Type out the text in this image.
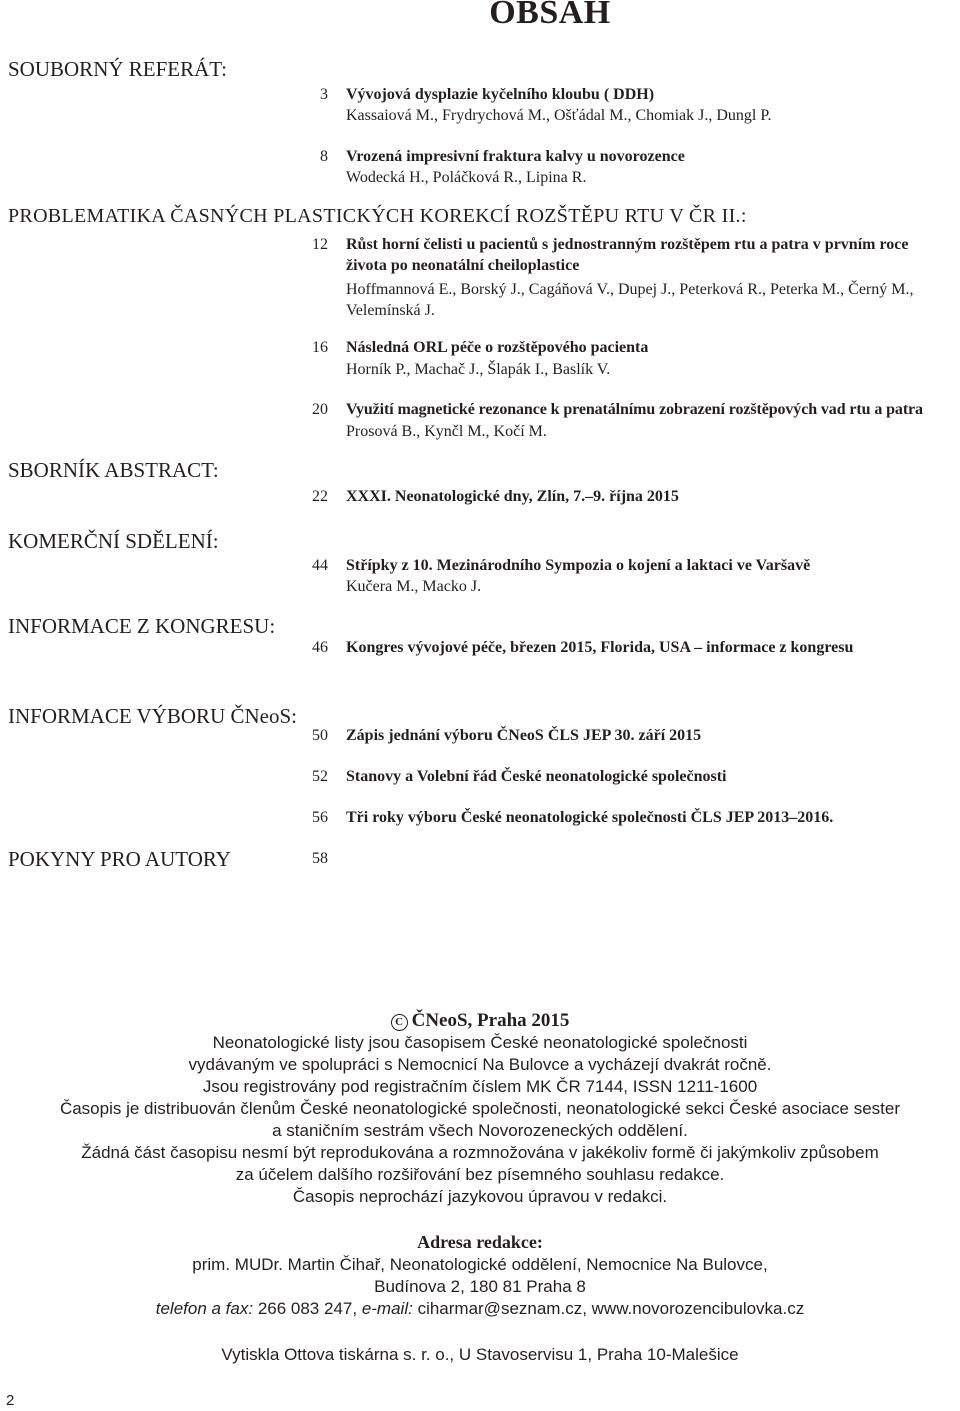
OBSAH
SOUBORNÝ REFERÁT:
PROBLEMATIKA ČASNÝCH PLASTICKÝCH KOREKCÍ ROZŠTĚPU RTU V ČR II.:
SBORNÍK ABSTRACT:
KOMERČNÍ SDĚLENÍ:
INFORMACE Z KONGRESU:
INFORMACE VÝBORU ČNeoS:
POKYNY PRO AUTORY
3 Vývojová dysplazie kyčelního kloubu ( DDH)
Kassaiová M., Frydrychová M., Ošťádal M., Chomiak J., Dungl P.
8 Vrozená impresivní fraktura kalvy u novorozence
Wodecká H., Poláčková R., Lipina R.
12 Růst horní čelisti u pacientů s jednostranným rozštěpem rtu a patra v prvním roce
života po neonatální cheiloplastice
Hoffmannová E., Borský J., Cagáňová V., Dupej J., Peterková R., Peterka M., Černý M.,
Velemínská J.
16 Následná ORL péče o rozštěpového pacienta
Horník P., Machač J., Šlapák I., Baslík V.
20 Využití magnetické rezonance k prenatálnímu zobrazení rozštěpových vad rtu a patra
Prosová B., Kynčl M., Kočí M.
22 XXXI. Neonatologické dny, Zlín, 7.–9. října 2015
44 Střípky z 10. Mezinárodního Sympozia o kojení a laktaci ve Varšavě
Kučera M., Macko J.
46 Kongres vývojové péče, březen 2015, Florida, USA – informace z kongresu
50 Zápis jednání výboru ČNeoS ČLS JEP 30. září 2015
52 Stanovy a Volební řád České neonatologické společnosti
56 Tři roky výboru České neonatologické společnosti ČLS JEP 2013–2016.
58
C ČNeoS, Praha 2015
Neonatologické listy jsou časopisem České neonatologické společnosti
vydávaným ve spolupráci s Nemocnicí Na Bulovce a vycházejí dvakrát ročně.
Jsou registrovány pod registračním číslem MK ČR 7144, ISSN 1211-1600
Časopis je distribuován členům České neonatologické společnosti, neonatologické sekci České asociace sester
a staničním sestrám všech Novorozeneckých oddělení.
Žádná část časopisu nesmí být reprodukována a rozmnožována v jakékoliv formě či jakýmkoliv způsobem
za účelem dalšího rozšiřování bez písemného souhlasu redakce.
Časopis neprochází jazykovou úpravou v redakci.
Adresa redakce:
prim. MUDr. Martin Čihař, Neonatologické oddělení, Nemocnice Na Bulovce,
Budínova 2, 180 81 Praha 8
telefon a fax: 266 083 247, e-mail: ciharmar@seznam.cz, www.novorozencibulovka.cz
Vytiskla Ottova tiskárna s. r. o., U Stavoservisu 1, Praha 10-Malešice
2
